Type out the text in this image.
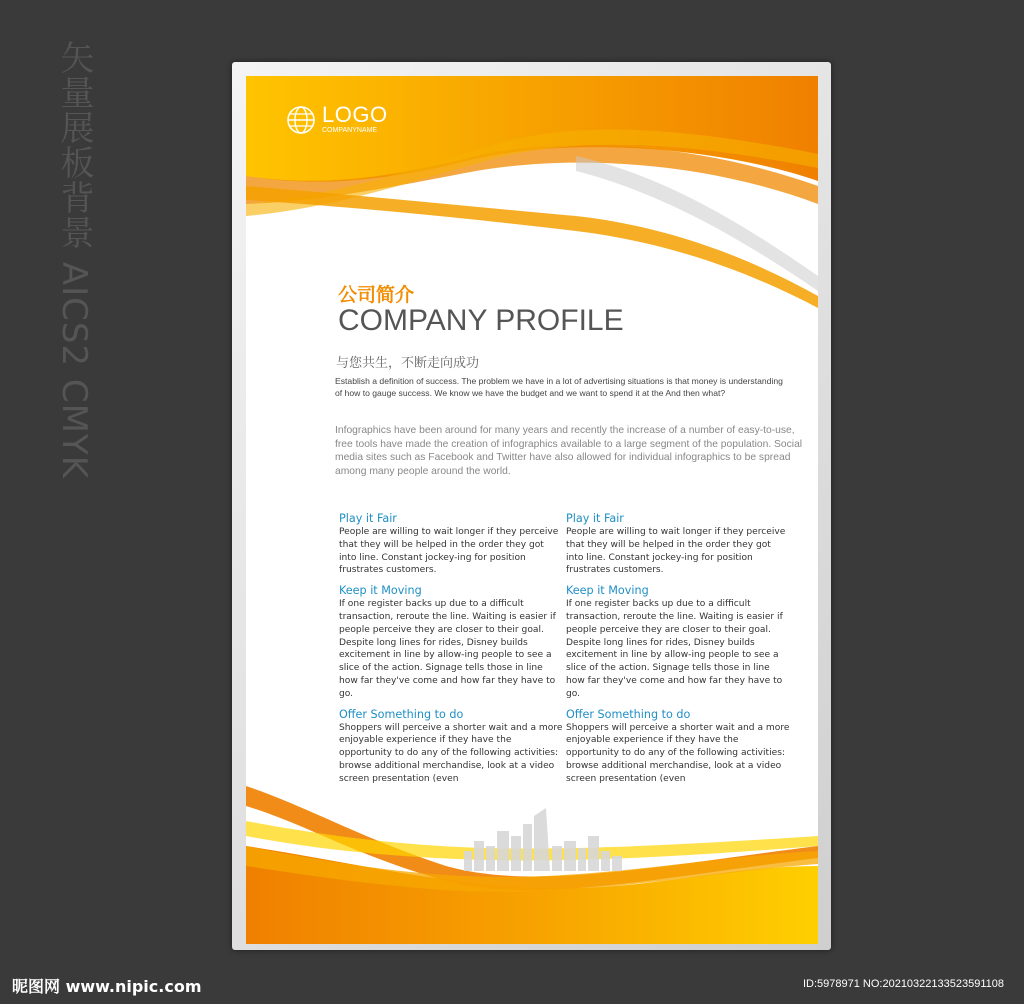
矢量展板背景 AICS2 CMYK
LOGO
COMPANYNAME
公司简介
COMPANY PROFILE
与您共生，不断走向成功
Establish a definition of success. The problem we have in a lot of advertising situations is that money is understanding of how to gauge success. We know we have the budget and we want to spend it at the And then what?
Infographics have been around for many years and recently the increase of a number of easy-to-use, free tools have made the creation of infographics available to a large segment of the population. Social media sites such as Facebook and Twitter have also allowed for individual infographics to be spread among many people around the world.
Play it Fair
People are willing to wait longer if they perceive that they will be helped in the order they got into line. Constant jockey-ing for position frustrates customers.
Keep it Moving
If one register backs up due to a difficult transaction, reroute the line. Waiting is easier if people perceive they are closer to their goal. Despite long lines for rides, Disney builds excitement in line by allow-ing people to see a slice of the action. Signage tells those in line how far they've come and how far they have to go.
Offer Something to do
Shoppers will perceive a shorter wait and a more enjoyable experience if they have the opportunity to do any of the following activities: browse additional merchandise, look at a video screen presentation (even
Play it Fair
People are willing to wait longer if they perceive that they will be helped in the order they got into line. Constant jockey-ing for position frustrates customers.
Keep it Moving
If one register backs up due to a difficult transaction, reroute the line. Waiting is easier if people perceive they are closer to their goal. Despite long lines for rides, Disney builds excitement in line by allow-ing people to see a slice of the action. Signage tells those in line how far they've come and how far they have to go.
Offer Something to do
Shoppers will perceive a shorter wait and a more enjoyable experience if they have the opportunity to do any of the following activities: browse additional merchandise, look at a video screen presentation (even
昵图网 www.nipic.com	ID:5978971 NO:20210322133523591108
